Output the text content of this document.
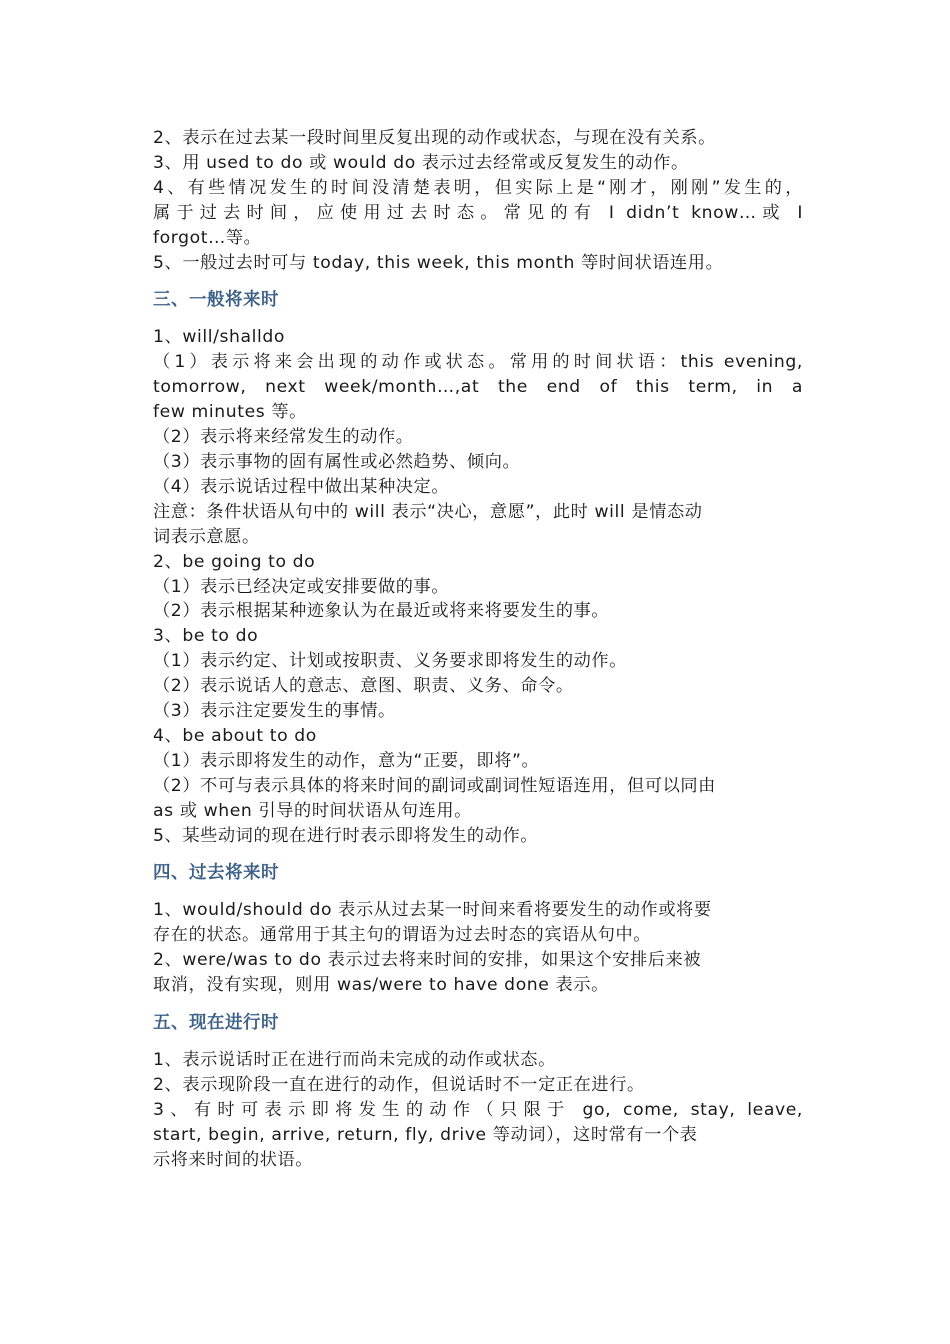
2、表示在过去某一段时间里反复出现的动作或状态，与现在没有关系。
3、用 used to do 或 would do 表示过去经常或反复发生的动作。
4、有些情况发生的时间没清楚表明，但实际上是“刚才，刚刚”发生的，
属于过去时间，应使用过去时态。常见的有 I didn’t know…或 I
forgot…等。
5、一般过去时可与 today, this week, this month 等时间状语连用。
三、一般将来时
1、will/shalldo
（1）表示将来会出现的动作或状态。常用的时间状语：this evening,
tomorrow, next week/month…,at the end of this term, in a
few minutes 等。
（2）表示将来经常发生的动作。
（3）表示事物的固有属性或必然趋势、倾向。
（4）表示说话过程中做出某种决定。
注意：条件状语从句中的 will 表示“决心，意愿”，此时 will 是情态动
词表示意愿。
2、be going to do
（1）表示已经决定或安排要做的事。
（2）表示根据某种迹象认为在最近或将来将要发生的事。
3、be to do
（1）表示约定、计划或按职责、义务要求即将发生的动作。
（2）表示说话人的意志、意图、职责、义务、命令。
（3）表示注定要发生的事情。
4、be about to do
（1）表示即将发生的动作，意为“正要，即将”。
（2）不可与表示具体的将来时间的副词或副词性短语连用，但可以同由
as 或 when 引导的时间状语从句连用。
5、某些动词的现在进行时表示即将发生的动作。
四、过去将来时
1、would/should do 表示从过去某一时间来看将要发生的动作或将要
存在的状态。通常用于其主句的谓语为过去时态的宾语从句中。
2、were/was to do 表示过去将来时间的安排，如果这个安排后来被
取消，没有实现，则用 was/were to have done 表示。
五、现在进行时
1、表示说话时正在进行而尚未完成的动作或状态。
2、表示现阶段一直在进行的动作，但说话时不一定正在进行。
3、有时可表示即将发生的动作（只限于 go, come, stay, leave,
start, begin, arrive, return, fly, drive 等动词），这时常有一个表
示将来时间的状语。
